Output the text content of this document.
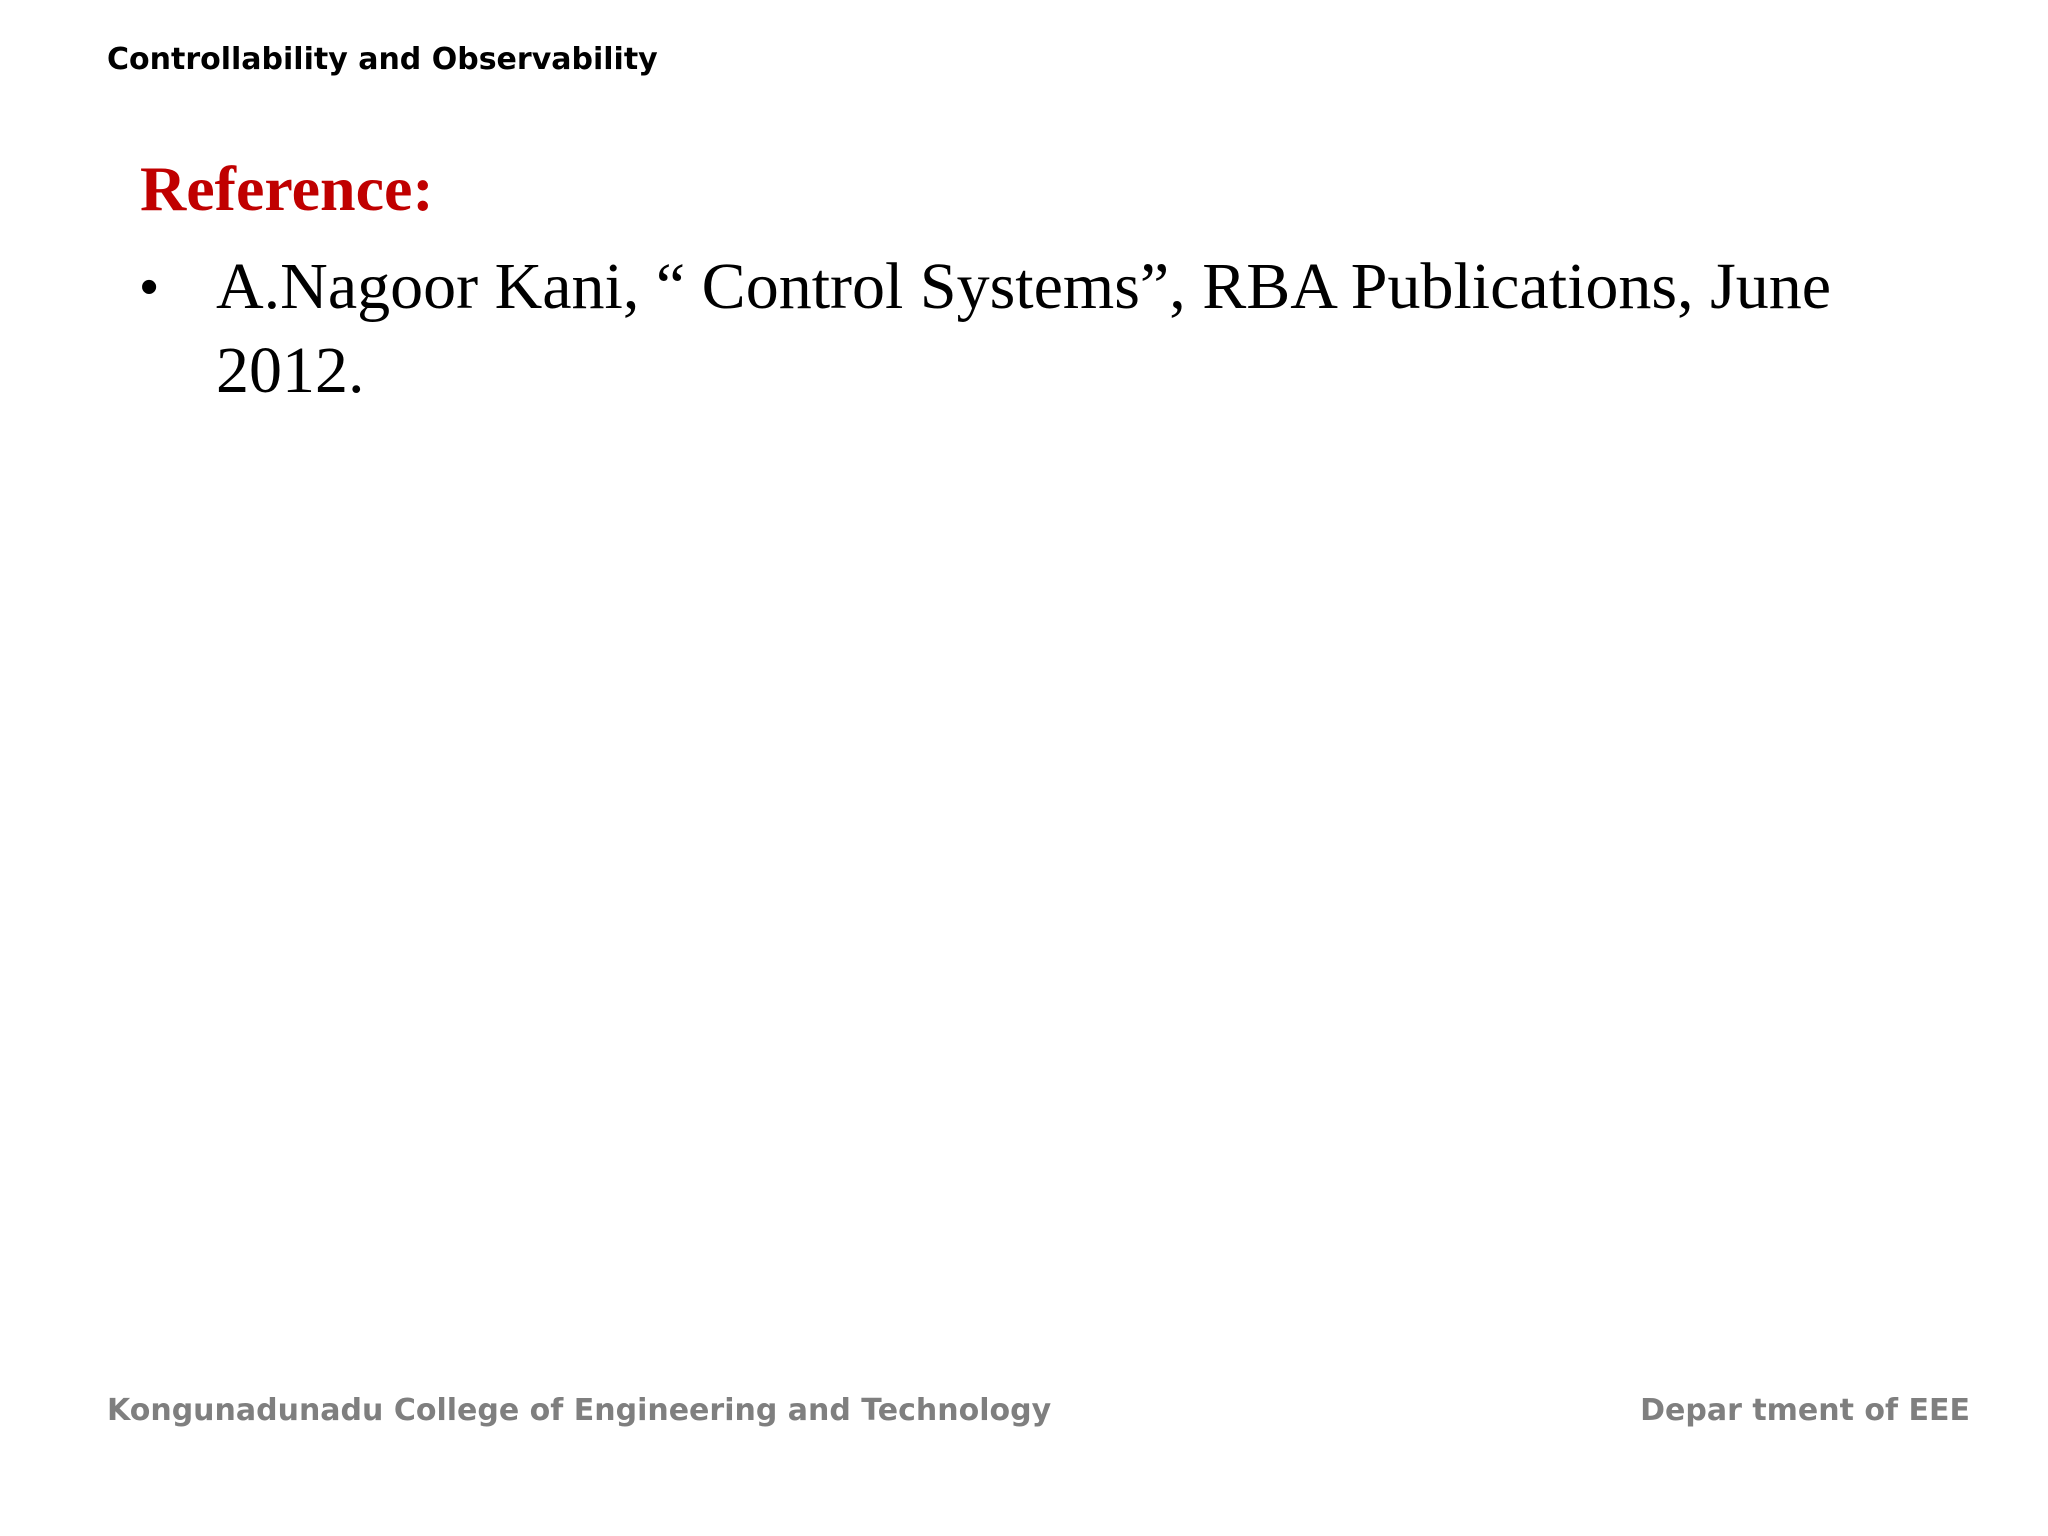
Controllability and Observability
Reference:
• A.Nagoor Kani, “ Control Systems”, RBA Publications, June 2012.
Kongunadunadu College of Engineering and Technology	Depar tment of EEE
